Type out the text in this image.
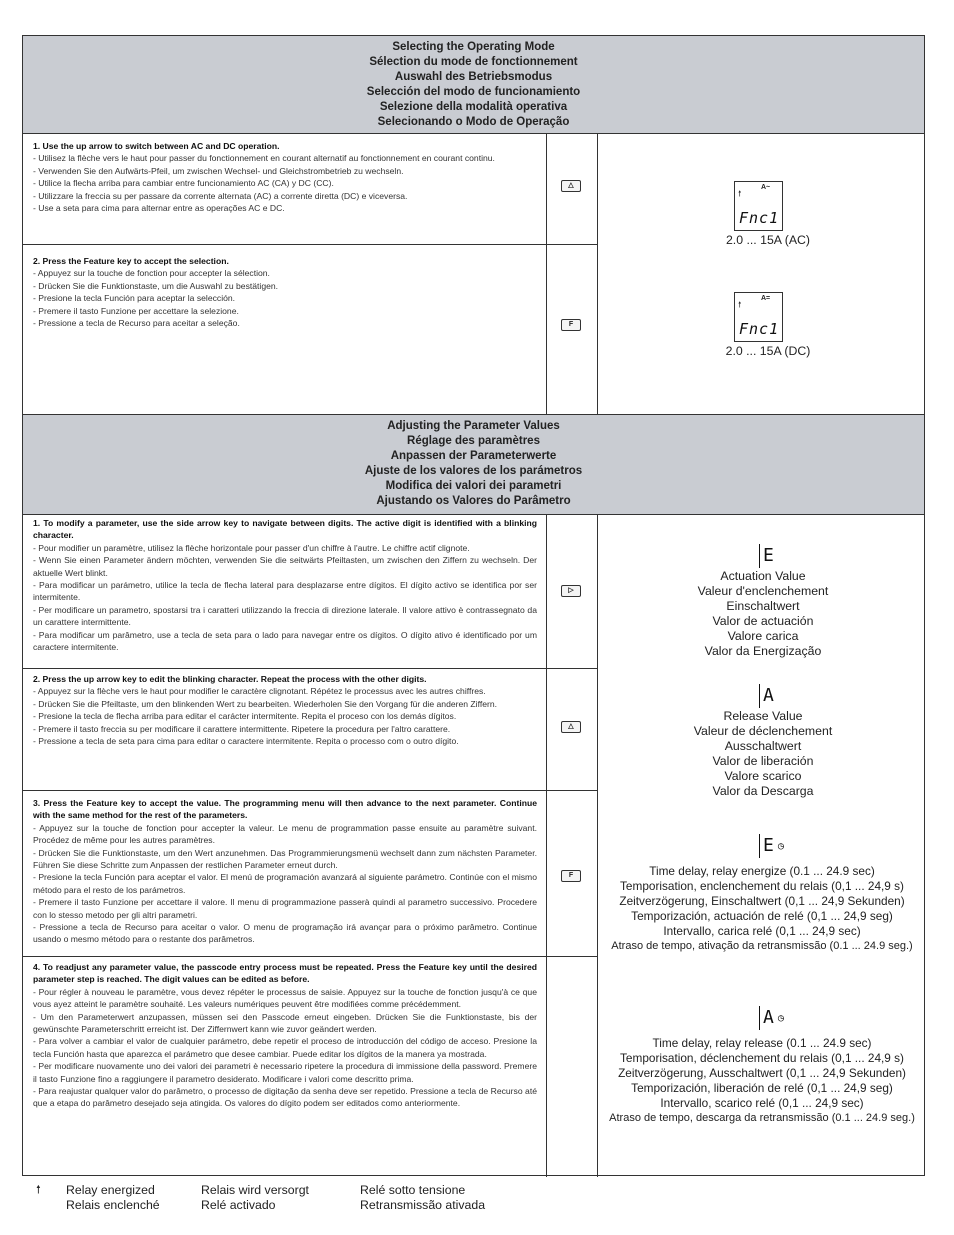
Selecting the Operating Mode
Sélection du mode de fonctionnement
Auswahl des Betriebsmodus
Selección del modo de funcionamiento
Selezione della modalità operativa
Selecionando o Modo de Operação
1. Use the up arrow to switch between AC and DC operation.
- Utilisez la flèche vers le haut pour passer du fonctionnement en courant alternatif au fonctionnement en courant continu.
- Verwenden Sie den Aufwärts-Pfeil, um zwischen Wechsel- und Gleichstrombetrieb zu wechseln.
- Utilice la flecha arriba para cambiar entre funcionamiento AC (CA) y DC (CC).
- Utilizzare la freccia su per passare da corrente alternata (AC) a corrente diretta (DC) e viceversa.
- Use a seta para cima para alternar entre as operações AC e DC.
△
2. Press the Feature key to accept the selection.
- Appuyez sur la touche de fonction pour accepter la sélection.
- Drücken Sie die Funktionstaste, um die Auswahl zu bestätigen.
- Presione la tecla Función para aceptar la selección.
- Premere il tasto Funzione per accettare la selezione.
- Pressione a tecla de Recurso para aceitar a seleção.	F
🠕
A~
Fnc1
2.0 ... 15A (AC)
🠕
A=
Fnc1
2.0 ... 15A (DC)
Adjusting the Parameter Values
Réglage des paramètres
Anpassen der Parameterwerte
Ajuste de los valores de los parámetros
Modifica dei valori dei parametri
Ajustando os Valores do Parâmetro
1. To modify a parameter, use the side arrow key to navigate between digits. The active digit is identified with a blinking character.
- Pour modifier un paramètre, utilisez la flèche horizontale pour passer d'un chiffre à l'autre. Le chiffre actif clignote.
- Wenn Sie einen Parameter ändern möchten, verwenden Sie die seitwärts Pfeiltasten, um zwischen den Ziffern zu wechseln. Der aktuelle Wert blinkt.
- Para modificar un parámetro, utilice la tecla de flecha lateral para desplazarse entre dígitos. El dígito activo se identifica por ser intermitente.
- Per modificare un parametro, spostarsi tra i caratteri utilizzando la freccia di direzione laterale. Il valore attivo è contrassegnato da un carattere intermittente.
- Para modificar um parâmetro, use a tecla de seta para o lado para navegar entre os dígitos. O dígito ativo é identificado por um caractere intermitente.
▷
2. Press the up arrow key to edit the blinking character. Repeat the process with the other digits.
- Appuyez sur la flèche vers le haut pour modifier le caractère clignotant. Répétez le processus avec les autres chiffres.
- Drücken Sie die Pfeiltaste, um den blinkenden Wert zu bearbeiten. Wiederholen Sie den Vorgang für die anderen Ziffern.
- Presione la tecla de flecha arriba para editar el carácter intermitente. Repita el proceso con los demás dígitos.
- Premere il tasto freccia su per modificare il carattere intermittente. Ripetere la procedura per l'altro carattere.
- Pressione a tecla de seta para cima para editar o caractere intermitente. Repita o processo com o outro dígito.
△
3. Press the Feature key to accept the value. The programming menu will then advance to the next parameter. Continue with the same method for the rest of the parameters.
- Appuyez sur la touche de fonction pour accepter la valeur. Le menu de programmation passe ensuite au paramètre suivant. Procédez de même pour les autres paramètres.
- Drücken Sie die Funktionstaste, um den Wert anzunehmen. Das Programmierungsmenü wechselt dann zum nächsten Parameter. Führen Sie diese Schritte zum Anpassen der restlichen Parameter erneut durch.
- Presione la tecla Función para aceptar el valor. El menú de programación avanzará al siguiente parámetro. Continúe con el mismo método para el resto de los parámetros.
- Premere il tasto Funzione per accettare il valore. Il menu di programmazione passerà quindi al parametro successivo. Procedere con lo stesso metodo per gli altri parametri.
- Pressione a tecla de Recurso para aceitar o valor. O menu de programação irá avançar para o próximo parâmetro. Continue usando o mesmo método para o restante dos parâmetros.
F
4. To readjust any parameter value, the passcode entry process must be repeated. Press the Feature key until the desired parameter step is reached. The digit values can be edited as before.
- Pour régler à nouveau le paramètre, vous devez répéter le processus de saisie. Appuyez sur la touche de fonction jusqu'à ce que vous ayez atteint le paramètre souhaité. Les valeurs numériques peuvent être modifiées comme précédemment.
- Um den Parameterwert anzupassen, müssen sei den Passcode erneut eingeben. Drücken Sie die Funktionstaste, bis der gewünschte Parameterschritt erreicht ist. Der Ziffernwert kann wie zuvor geändert werden.
- Para volver a cambiar el valor de cualquier parámetro, debe repetir el proceso de introducción del código de acceso. Presione la tecla Función hasta que aparezca el parámetro que desee cambiar. Puede editar los dígitos de la manera ya mostrada.
- Per modificare nuovamente uno dei valori dei parametri è necessario ripetere la procedura di immissione della password. Premere il tasto Funzione fino a raggiungere il parametro desiderato. Modificare i valori come descritto prima.
- Para reajustar qualquer valor do parâmetro, o processo de digitação da senha deve ser repetido. Pressione a tecla de Recurso até que a etapa do parâmetro desejado seja atingida. Os valores do dígito podem ser editados como anteriormente.
E
Actuation Value
Valeur d'enclenchement
Einschaltwert
Valor de actuación
Valore carica
Valor da Energização
A
Release Value
Valeur de déclenchement
Ausschaltwert
Valor de liberación
Valore scarico
Valor da Descarga
E ◷
Time delay, relay energize (0.1 ... 24.9 sec)
Temporisation, enclenchement du relais (0,1 ... 24,9 s)
Zeitverzögerung, Einschaltwert (0,1 ... 24,9 Sekunden)
Temporización, actuación de relé (0,1 ... 24,9 seg)
Intervallo, carica relé (0,1 ... 24,9 sec)
Atraso de tempo, ativação da retransmissão (0.1 ... 24.9 seg.)
A ◷
Time delay, relay release (0.1 ... 24.9 sec)
Temporisation, déclenchement du relais (0,1 ... 24,9 s)
Zeitverzögerung, Ausschaltwert (0,1 ... 24,9 Sekunden)
Temporización, liberación de relé (0,1 ... 24,9 seg)
Intervallo, scarico relé (0,1 ... 24,9 sec)
Atraso de tempo, descarga da retransmissão (0.1 ... 24.9 seg.)
🠕 Relay energized
Relais enclenché
Relais wird versorgt
Relé activado
Relé sotto tensione
Retransmissão ativada
